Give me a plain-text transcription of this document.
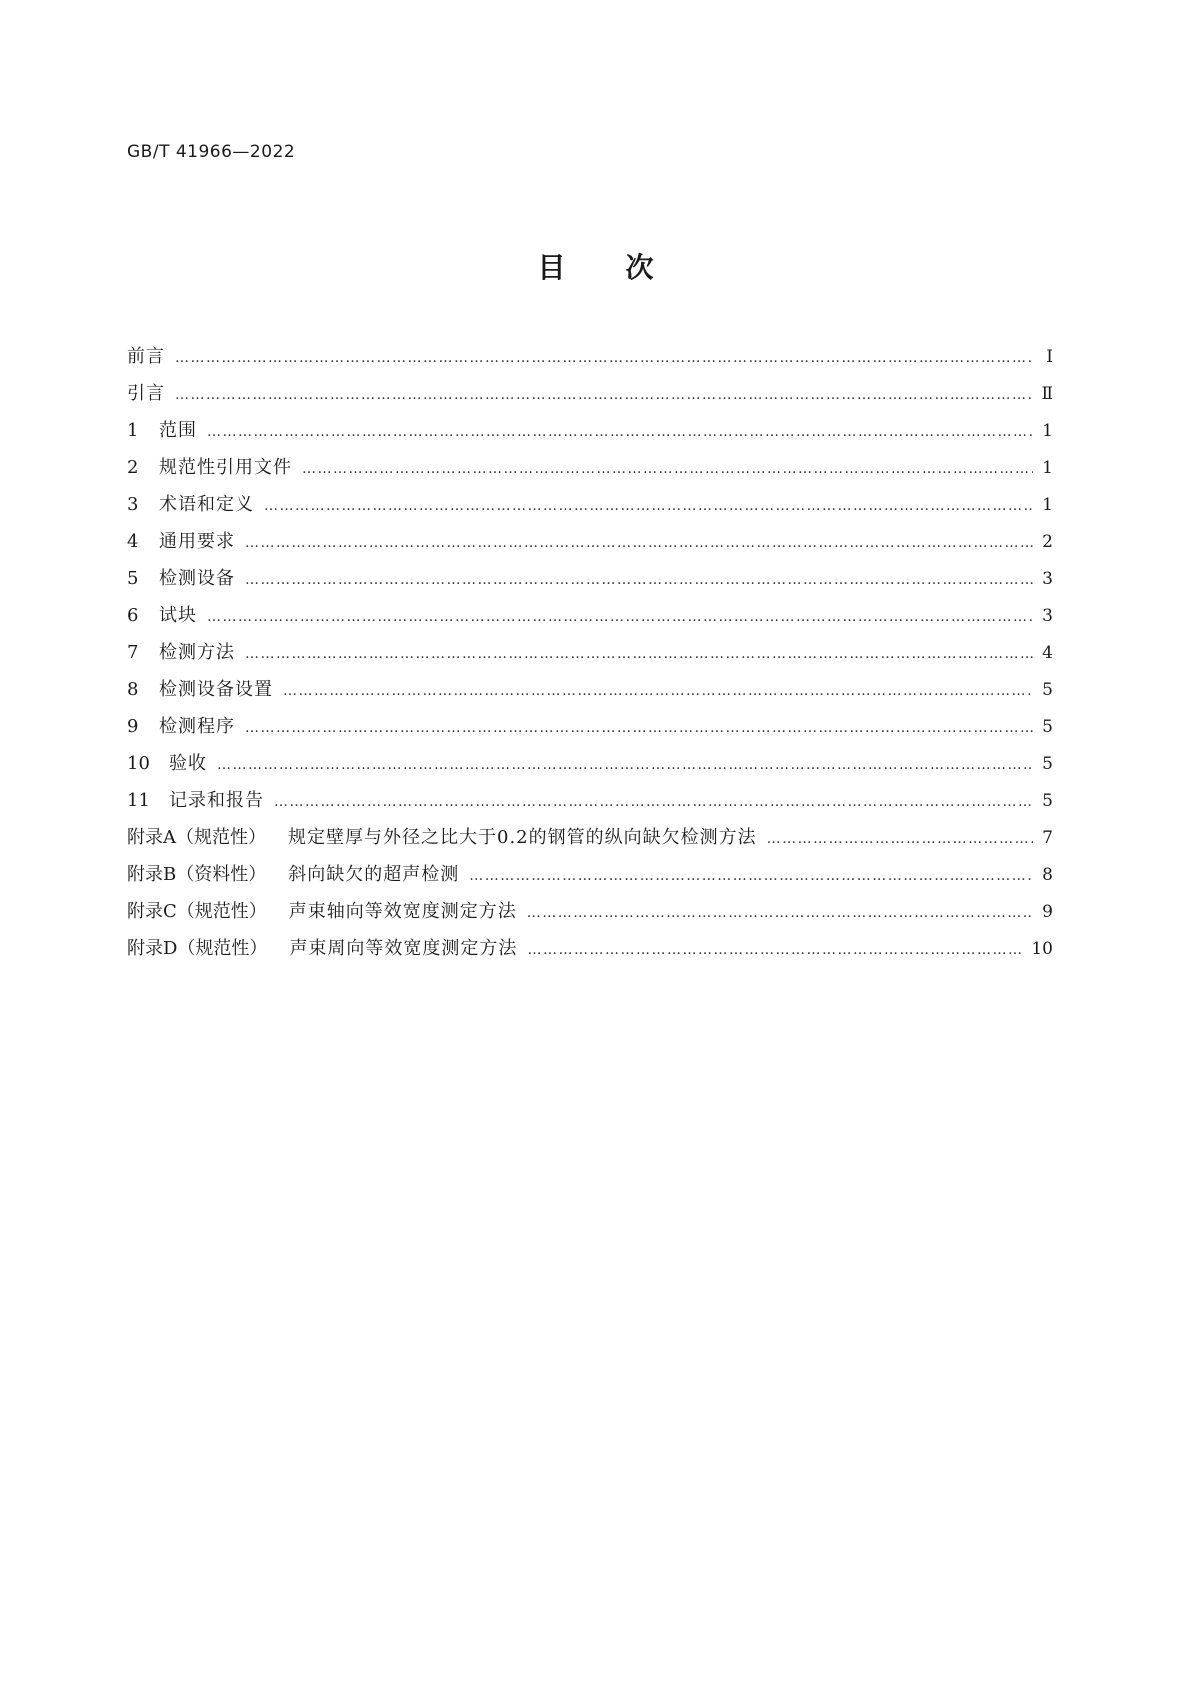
GB/T 41966—2022
目次
前言 ……………………………………………………………………………………………………………………………………………………………………………………………………………………	Ⅰ
引言 ……………………………………………………………………………………………………………………………………………………………………………………………………………………	Ⅱ
1	范围 ……………………………………………………………………………………………………………………………………………………………………………………………………………………	1
2	规范性引用文件 ……………………………………………………………………………………………………………………………………………………………………………………………………………………	1
3	术语和定义 ……………………………………………………………………………………………………………………………………………………………………………………………………………………	1
4	通用要求 ……………………………………………………………………………………………………………………………………………………………………………………………………………………	2
5	检测设备 ……………………………………………………………………………………………………………………………………………………………………………………………………………………	3
6	试块 ……………………………………………………………………………………………………………………………………………………………………………………………………………………	3
7	检测方法 ……………………………………………………………………………………………………………………………………………………………………………………………………………………	4
8	检测设备设置 ……………………………………………………………………………………………………………………………………………………………………………………………………………………	5
9	检测程序 ……………………………………………………………………………………………………………………………………………………………………………………………………………………	5
10	验收 ……………………………………………………………………………………………………………………………………………………………………………………………………………………	5
11	记录和报告 ……………………………………………………………………………………………………………………………………………………………………………………………………………………	5
附录A（规范性） 规定壁厚与外径之比大于0.2的钢管的纵向缺欠检测方法 ……………………………………………………………………………………………………………………………………………………………………………………………………………………	7
附录B（资料性） 斜向缺欠的超声检测 ……………………………………………………………………………………………………………………………………………………………………………………………………………………	8
附录C（规范性） 声束轴向等效宽度测定方法 ……………………………………………………………………………………………………………………………………………………………………………………………………………………	9
附录D（规范性） 声束周向等效宽度测定方法 ……………………………………………………………………………………………………………………………………………………………………………………………………………………	10
